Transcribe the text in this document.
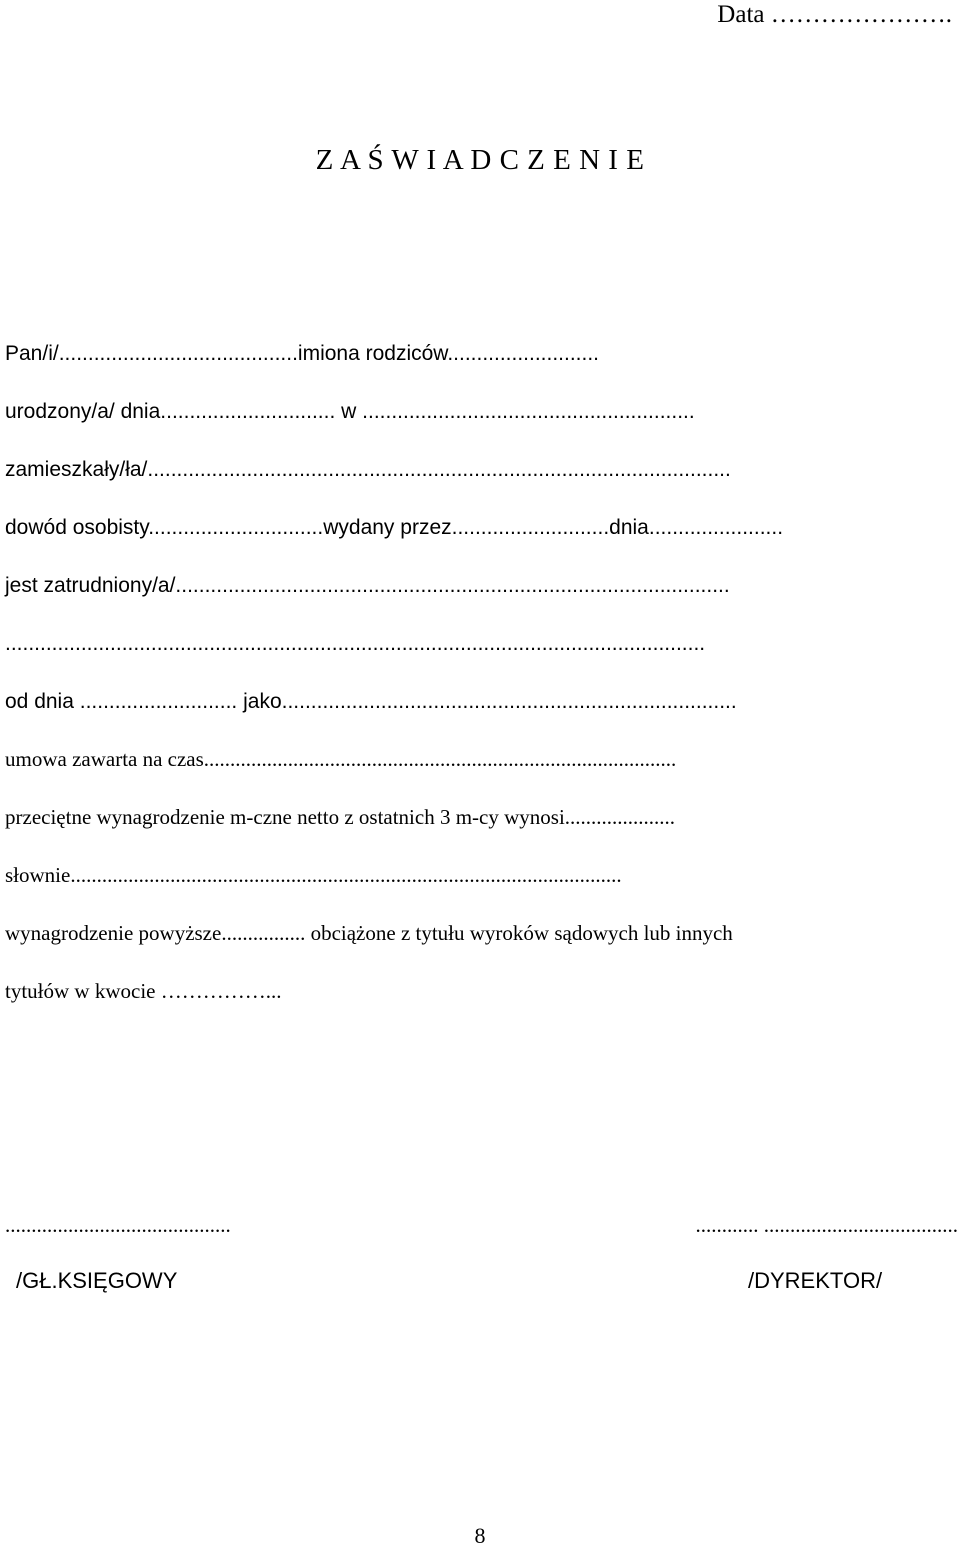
Data ………………….
Z A Ś W I A D C Z E N I E
Pan/i/.........................................imiona rodziców..........................
urodzony/a/ dnia.............................. w .........................................................
zamieszkały/ła/....................................................................................................
dowód osobisty..............................wydany przez...........................dnia.......................
jest zatrudniony/a/...............................................................................................
........................................................................................................................
od dnia ........................... jako..............................................................................
umowa zawarta na czas..........................................................................................
przeciętne wynagrodzenie m-czne netto z ostatnich 3 m-cy wynosi.....................
słownie.........................................................................................................
wynagrodzenie powyższe................ obciążone z tytułu wyroków sądowych lub innych
tytułów w kwocie ……………...
...........................................	............ .....................................
/GŁ.KSIĘGOWY	/DYREKTOR/
8
